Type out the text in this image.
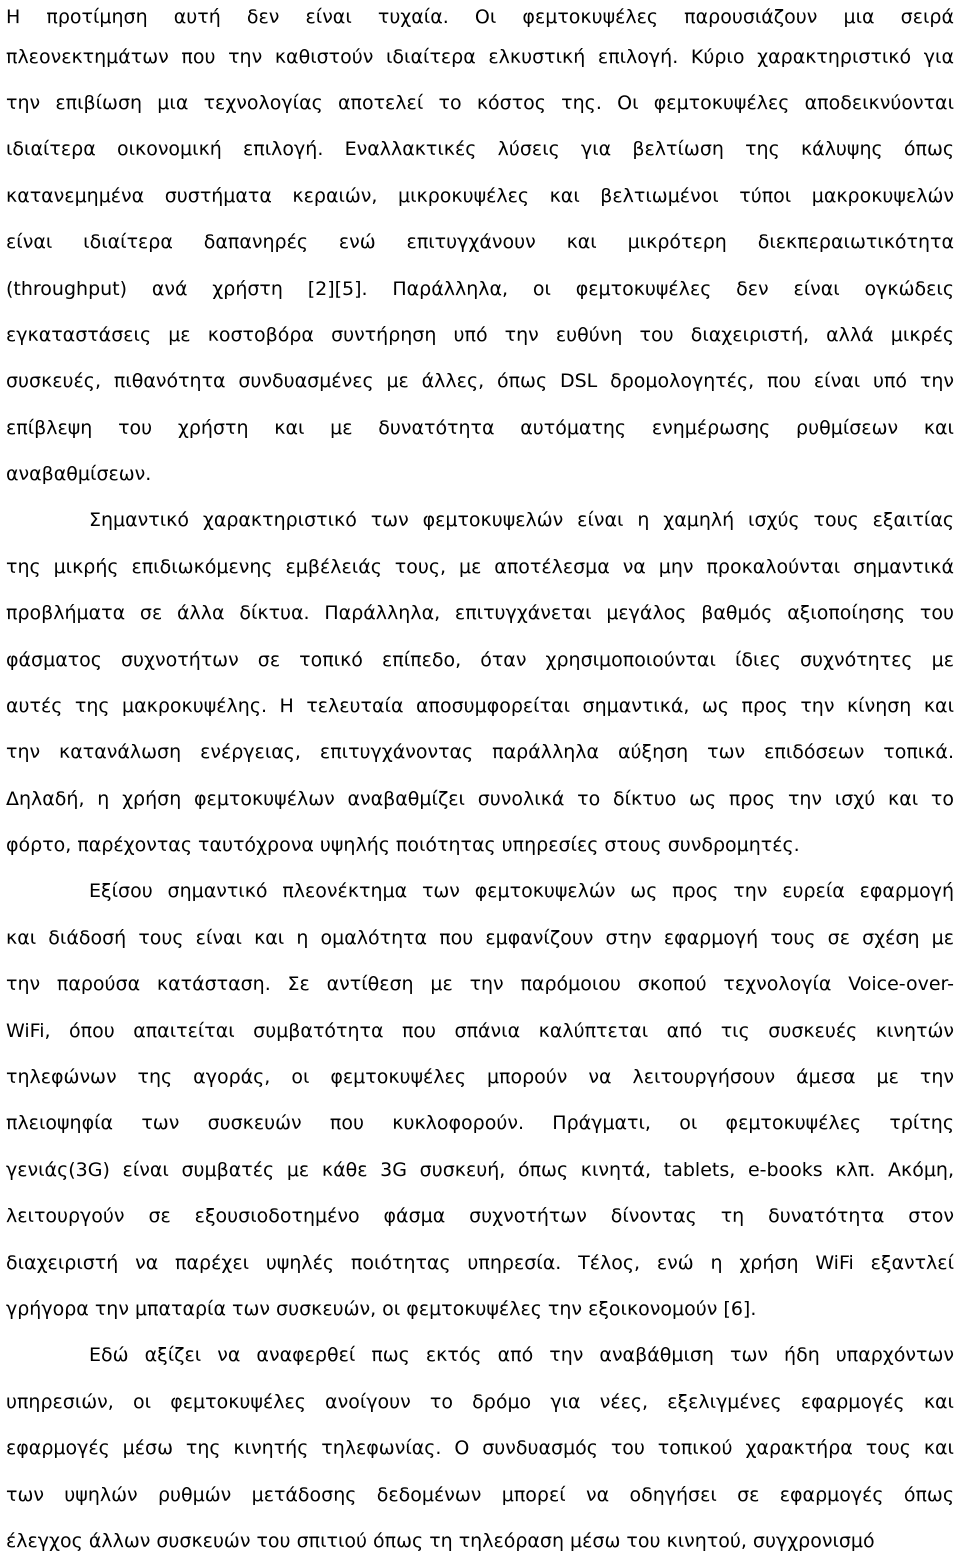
Η προτίμηση αυτή δεν είναι τυχαία. Οι φεμτοκυψέλες παρουσιάζουν μια σειρά
πλεονεκτημάτων που την καθιστούν ιδιαίτερα ελκυστική επιλογή. Κύριο χαρακτηριστικό για
την επιβίωση μια τεχνολογίας αποτελεί το κόστος της. Οι φεμτοκυψέλες αποδεικνύονται
ιδιαίτερα οικονομική επιλογή. Εναλλακτικές λύσεις για βελτίωση της κάλυψης όπως
κατανεμημένα συστήματα κεραιών, μικροκυψέλες και βελτιωμένοι τύποι μακροκυψελών
είναι ιδιαίτερα δαπανηρές ενώ επιτυγχάνουν και μικρότερη διεκπεραιωτικότητα
(throughput) ανά χρήστη [2][5]. Παράλληλα, οι φεμτοκυψέλες δεν είναι ογκώδεις
εγκαταστάσεις με κοστοβόρα συντήρηση υπό την ευθύνη του διαχειριστή, αλλά μικρές
συσκευές, πιθανότητα συνδυασμένες με άλλες, όπως DSL δρομολογητές, που είναι υπό την
επίβλεψη του χρήστη και με δυνατότητα αυτόματης ενημέρωσης ρυθμίσεων και
αναβαθμίσεων.
Σημαντικό χαρακτηριστικό των φεμτοκυψελών είναι η χαμηλή ισχύς τους εξαιτίας
της μικρής επιδιωκόμενης εμβέλειάς τους, με αποτέλεσμα να μην προκαλούνται σημαντικά
προβλήματα σε άλλα δίκτυα. Παράλληλα, επιτυγχάνεται μεγάλος βαθμός αξιοποίησης του
φάσματος συχνοτήτων σε τοπικό επίπεδο, όταν χρησιμοποιούνται ίδιες συχνότητες με
αυτές της μακροκυψέλης. Η τελευταία αποσυμφορείται σημαντικά, ως προς την κίνηση και
την κατανάλωση ενέργειας, επιτυγχάνοντας παράλληλα αύξηση των επιδόσεων τοπικά.
Δηλαδή, η χρήση φεμτοκυψέλων αναβαθμίζει συνολικά το δίκτυο ως προς την ισχύ και το
φόρτο, παρέχοντας ταυτόχρονα υψηλής ποιότητας υπηρεσίες στους συνδρομητές.
Εξίσου σημαντικό πλεονέκτημα των φεμτοκυψελών ως προς την ευρεία εφαρμογή
και διάδοσή τους είναι και η ομαλότητα που εμφανίζουν στην εφαρμογή τους σε σχέση με
την παρούσα κατάσταση. Σε αντίθεση με την παρόμοιου σκοπού τεχνολογία Voice-over-
WiFi, όπου απαιτείται συμβατότητα που σπάνια καλύπτεται από τις συσκευές κινητών
τηλεφώνων της αγοράς, οι φεμτοκυψέλες μπορούν να λειτουργήσουν άμεσα με την
πλειοψηφία των συσκευών που κυκλοφορούν. Πράγματι, οι φεμτοκυψέλες τρίτης
γενιάς(3G) είναι συμβατές με κάθε 3G συσκευή, όπως κινητά, tablets, e-books κλπ. Ακόμη,
λειτουργούν σε εξουσιοδοτημένο φάσμα συχνοτήτων δίνοντας τη δυνατότητα στον
διαχειριστή να παρέχει υψηλές ποιότητας υπηρεσία. Τέλος, ενώ η χρήση WiFi εξαντλεί
γρήγορα την μπαταρία των συσκευών, οι φεμτοκυψέλες την εξοικονομούν [6].
Εδώ αξίζει να αναφερθεί πως εκτός από την αναβάθμιση των ήδη υπαρχόντων
υπηρεσιών, οι φεμτοκυψέλες ανοίγουν το δρόμο για νέες, εξελιγμένες εφαρμογές και
εφαρμογές μέσω της κινητής τηλεφωνίας. Ο συνδυασμός του τοπικού χαρακτήρα τους και
των υψηλών ρυθμών μετάδοσης δεδομένων μπορεί να οδηγήσει σε εφαρμογές όπως
έλεγχος άλλων συσκευών του σπιτιού όπως τη τηλεόραση μέσω του κινητού, συγχρονισμό
